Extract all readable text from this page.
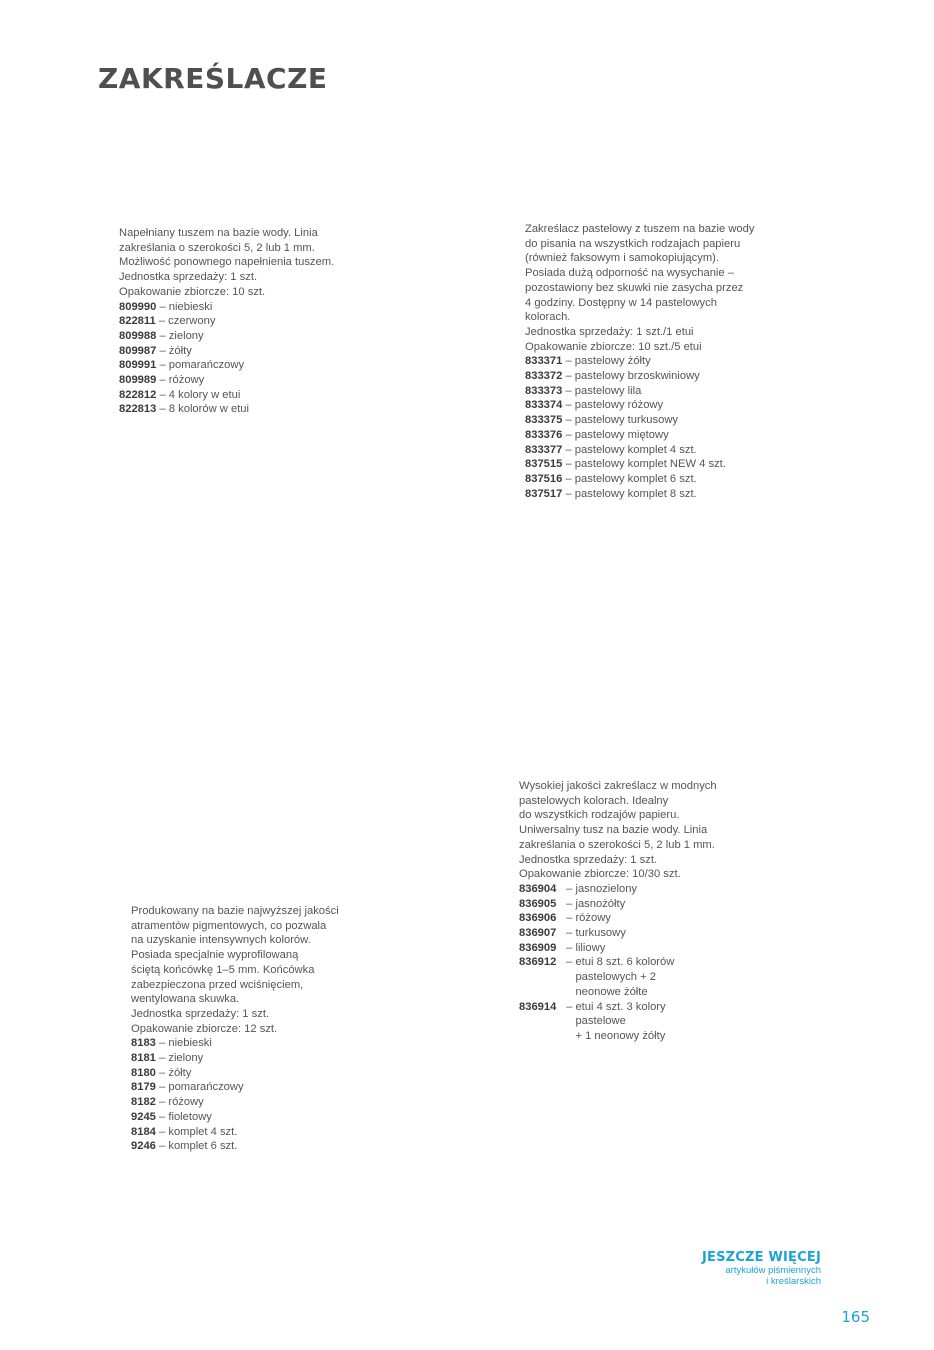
ZAKREŚLACZE

Napełniany tuszem na bazie wody. Linia
zakreślania o szerokości 5, 2 lub 1 mm.
Możliwość ponownego napełnienia tuszem.
Jednostka sprzedaży: 1 szt.
Opakowanie zbiorcze: 10 szt.

809990 – niebieski
822811 – czerwony
809988 – zielony
809987 – żółty
809991 – pomarańczowy
809989 – różowy
822812 – 4 kolory w etui
822813 – 8 kolorów w etui

Zakreślacz pastelowy z tuszem na bazie wody
do pisania na wszystkich rodzajach papieru
(również faksowym i samokopiującym).
Posiada dużą odporność na wysychanie –
pozostawiony bez skuwki nie zasycha przez
4 godziny. Dostępny w 14 pastelowych
kolorach.
Jednostka sprzedaży: 1 szt./1 etui
Opakowanie zbiorcze: 10 szt./5 etui

833371 – pastelowy żółty
833372 – pastelowy brzoskwiniowy
833373 – pastelowy lila
833374 – pastelowy różowy
833375 – pastelowy turkusowy
833376 – pastelowy miętowy
833377 – pastelowy komplet 4 szt.
837515 – pastelowy komplet NEW 4 szt.
837516 – pastelowy komplet 6 szt.
837517 – pastelowy komplet 8 szt.

Wysokiej jakości zakreślacz w modnych
pastelowych kolorach. Idealny
do wszystkich rodzajów papieru.
Uniwersalny tusz na bazie wody. Linia
zakreślania o szerokości 5, 2 lub 1 mm.
Jednostka sprzedaży: 1 szt.
Opakowanie zbiorcze: 10/30 szt.

836904 – jasnozielony
836905 – jasnożółty
836906 – różowy
836907 – turkusowy
836909 – liliowy
836912 – etui 8 szt. 6 kolorów
pastelowych + 2
neonowe żółte
836914 – etui 4 szt. 3 kolory
pastelowe
+ 1 neonowy żółty

Produkowany na bazie najwyższej jakości
atramentów pigmentowych, co pozwala
na uzyskanie intensywnych kolorów.
Posiada specjalnie wyprofilowaną
ściętą końcówkę 1–5 mm. Końcówka
zabezpieczona przed wciśnięciem,
wentylowana skuwka.
Jednostka sprzedaży: 1 szt.
Opakowanie zbiorcze: 12 szt.

8183 – niebieski
8181 – zielony
8180 – żółty
8179 – pomarańczowy
8182 – różowy
9245 – fioletowy
8184 – komplet 4 szt.
9246 – komplet 6 szt.

JESZCZE WIĘCEJ

artykułów piśmiennych
i kreślarskich

165
